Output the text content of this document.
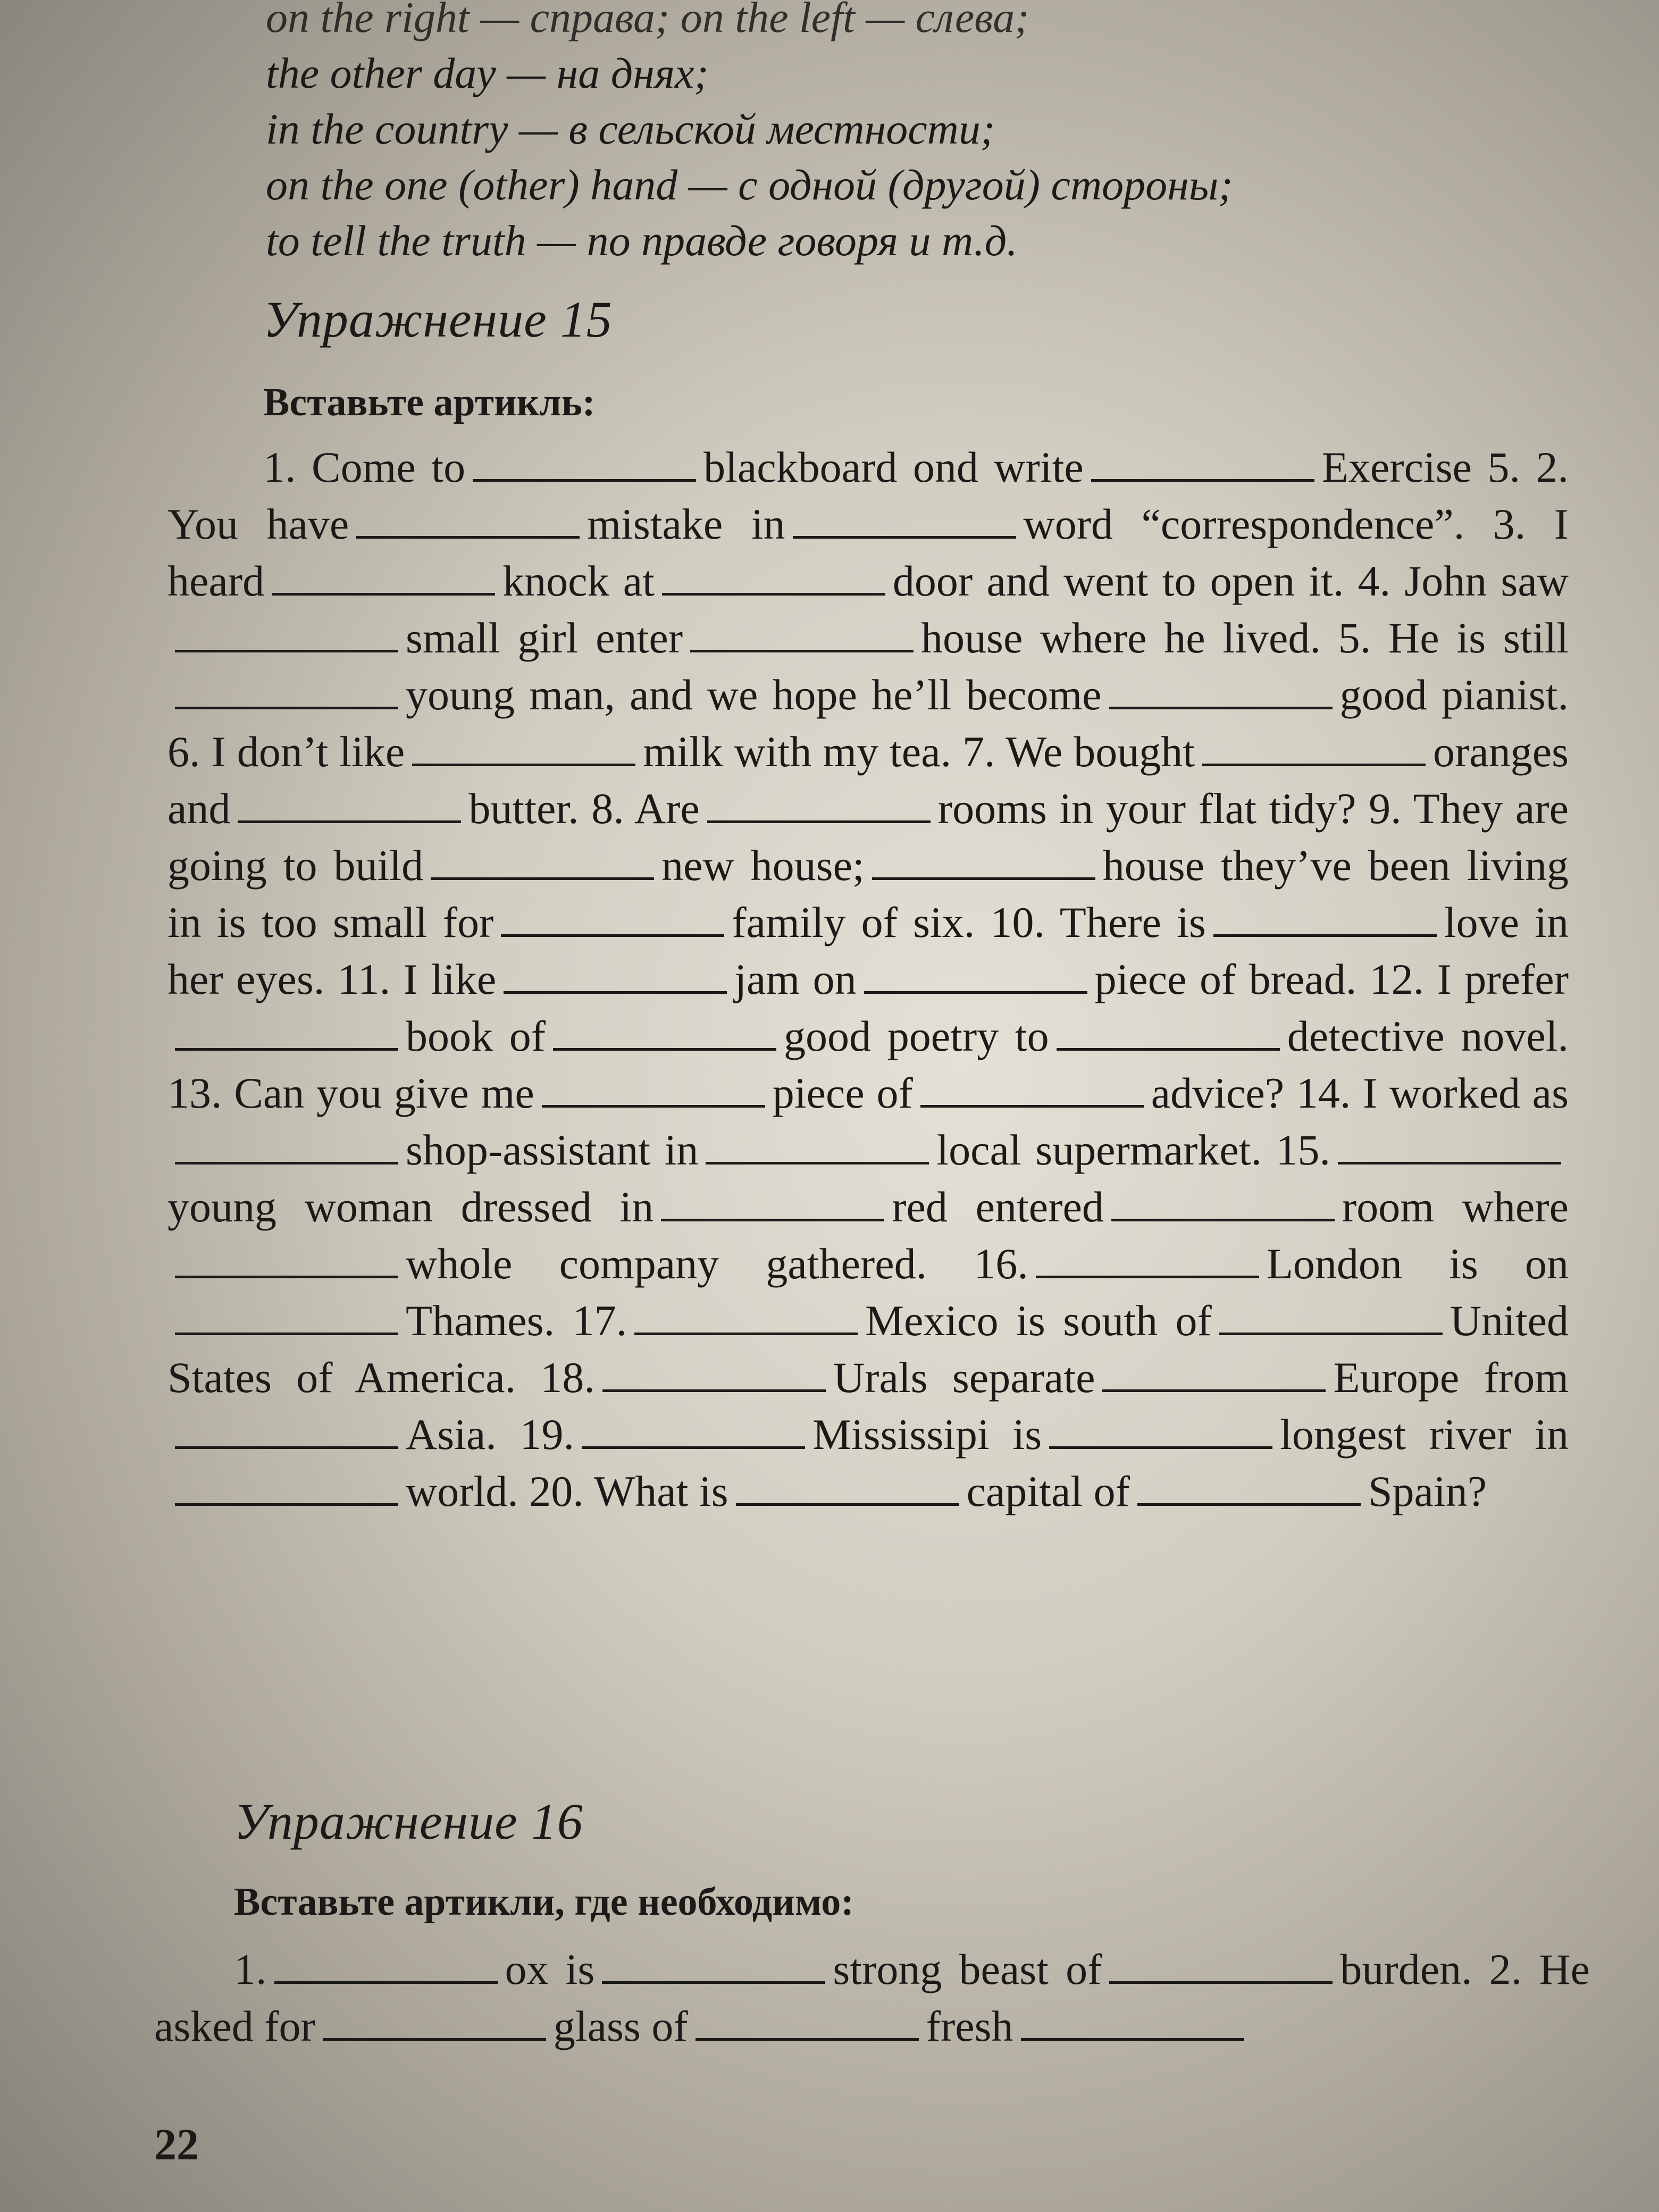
on the right — справа; on the left — слева;
the other day — на днях;
in the country — в сельской местности;
on the one (other) hand — с одной (другой) стороны;
to tell the truth — по правде говоря и т.д.
Упражнение 15
Вставьте артикль:
1. Come to	blackboard ond write	Exercise 5. 2. You have	mistake in	word “correspondence”. 3. I heard	knock at	door and went to open it. 4. John sawsmall girl enter	house where he lived. 5. He is stillyoung man, and we hope he’ll become	good pianist. 6. I don’t like	milk with my tea. 7. We bought	oranges and	butter. 8. Are	rooms in your flat tidy? 9. They are going to build	new house;	house they’ve been living in is too small for	family of six. 10. There is	love in her eyes. 11. I like	jam on	piece of bread. 12. I preferbook of	good poetry to	detective novel. 13. Can you give me	piece of	advice? 14. I worked asshop-assistant in	local supermarket. 15.young woman dressed in	red entered	room wherewhole company gathered. 16.	London is onThames. 17.	Mexico is south of	United States of America. 18.	Urals separate	Europe fromAsia. 19.	Mississipi is	longest river inworld. 20. What is	capital of	Spain?
Упражнение 16
Вставьте артикли, где необходимо:
1.	ox is	strong beast of	burden. 2. He asked for	glass of	fresh
22
